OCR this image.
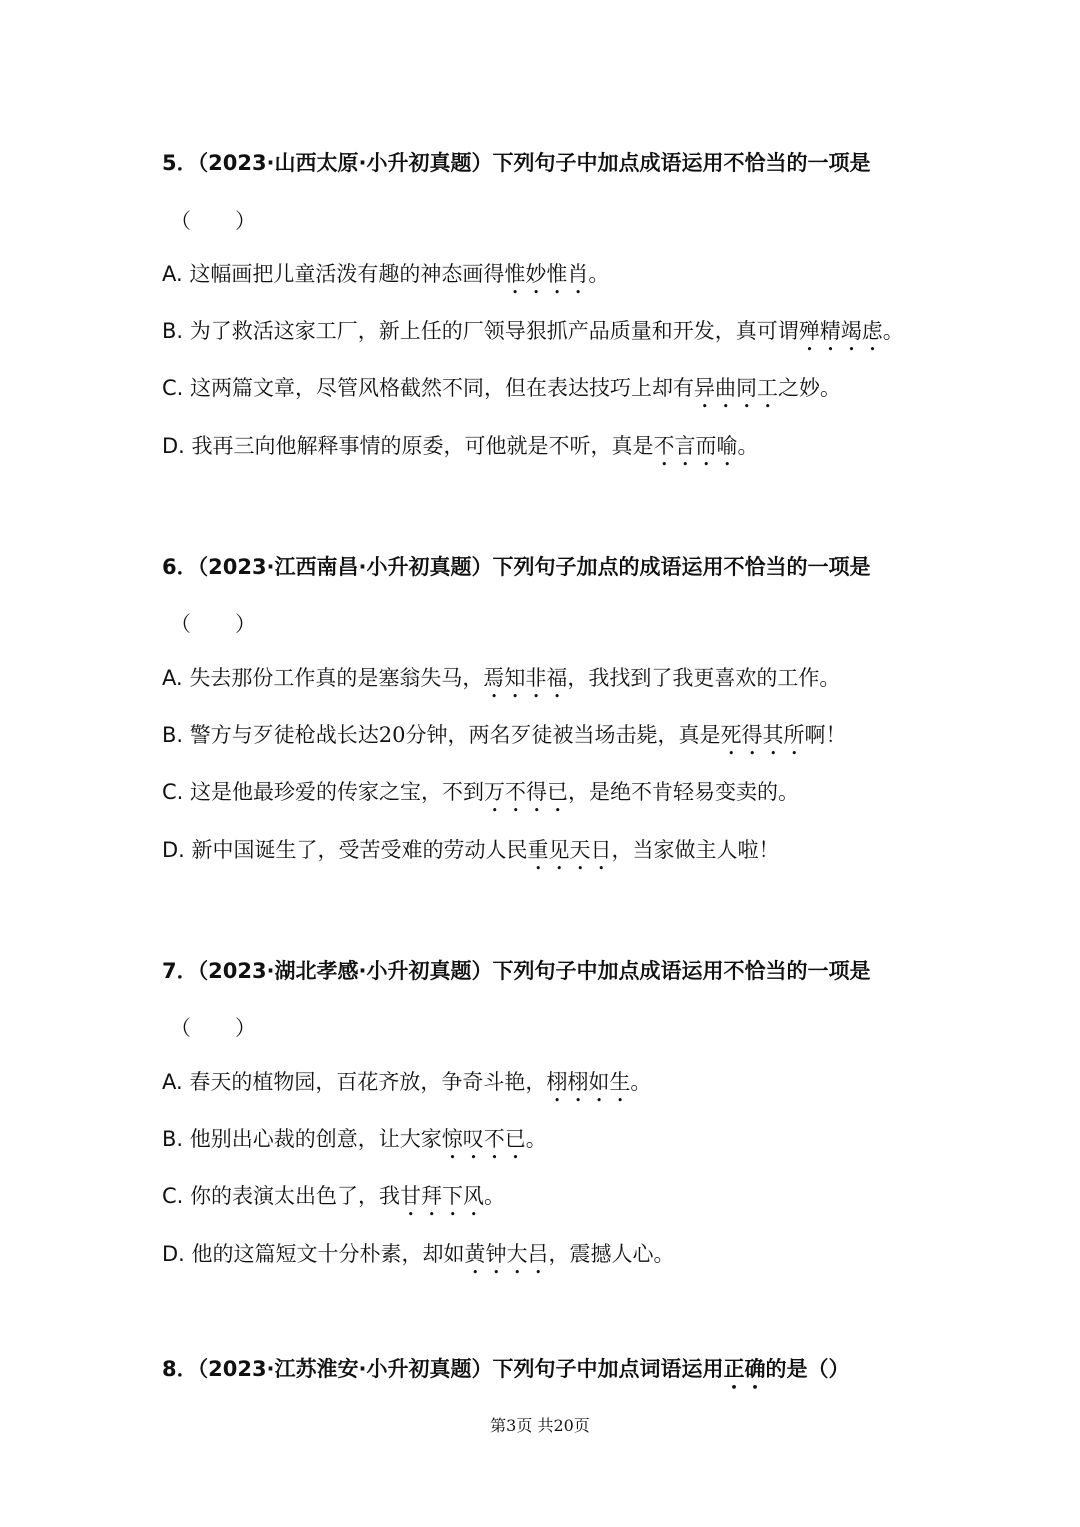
5．（2023·山西太原·小升初真题）下列句子中加点成语运用不恰当的一项是
（）
A. 这幅画把儿童活泼有趣的神态画得惟妙惟肖。
B. 为了救活这家工厂，新上任的厂领导狠抓产品质量和开发，真可谓殚精竭虑。
C. 这两篇文章，尽管风格截然不同，但在表达技巧上却有异曲同工之妙。
D. 我再三向他解释事情的原委，可他就是不听，真是不言而喻。
6．（2023·江西南昌·小升初真题）下列句子加点的成语运用不恰当的一项是
（）
A. 失去那份工作真的是塞翁失马，焉知非福，我找到了我更喜欢的工作。
B. 警方与歹徒枪战长达20分钟，两名歹徒被当场击毙，真是死得其所啊！
C. 这是他最珍爱的传家之宝，不到万不得已，是绝不肯轻易变卖的。
D. 新中国诞生了，受苦受难的劳动人民重见天日，当家做主人啦！
7．（2023·湖北孝感·小升初真题）下列句子中加点成语运用不恰当的一项是
（）
A. 春天的植物园，百花齐放，争奇斗艳，栩栩如生。
B. 他别出心裁的创意，让大家惊叹不已。
C. 你的表演太出色了，我甘拜下风。
D. 他的这篇短文十分朴素，却如黄钟大吕，震撼人心。
8．（2023·江苏淮安·小升初真题）下列句子中加点词语运用正确的是（）
第3页 共20页
